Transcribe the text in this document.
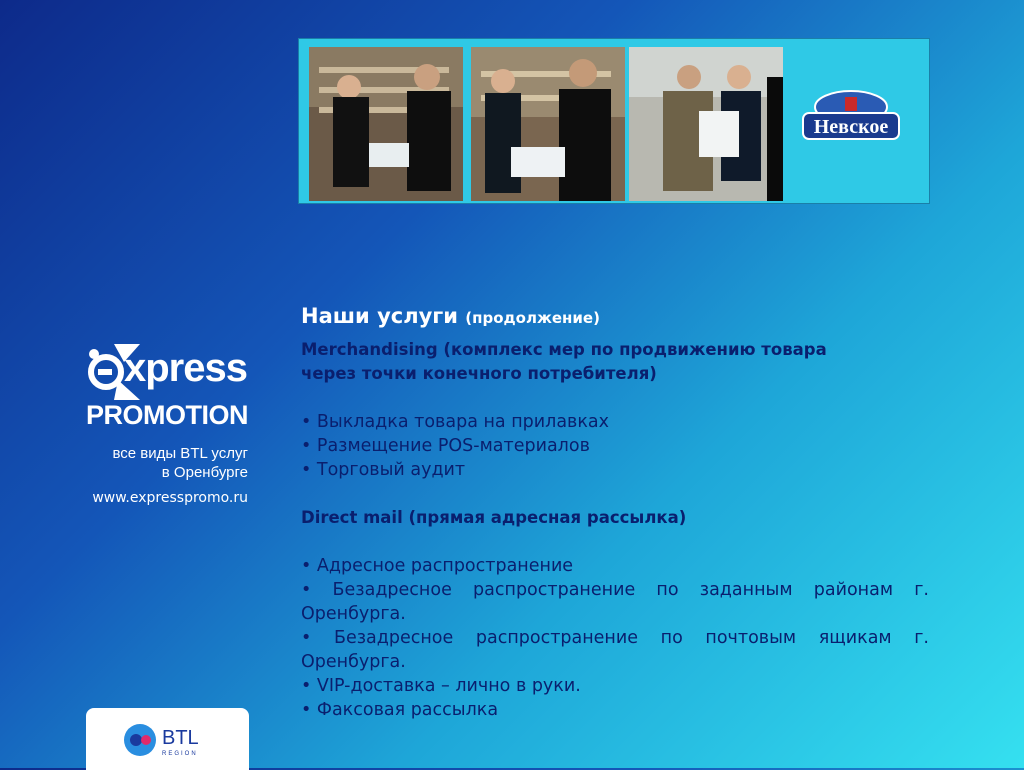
Невское
xpress
PROMOTION
все виды BTL услуг
в Оренбурге
www.expresspromo.ru
BTL
REGION

Наши услуги (продолжение)

Merchandising (комплекс мер по продвижению товара через точки конечного потребителя)

• Выкладка товара на прилавках

• Размещение POS-материалов

• Торговый аудит

Direct mail (прямая адресная рассылка)

• Адресное распространение

• Безадресное распространение по заданным районам г. Оренбурга.

• Безадресное распространение по почтовым ящикам г. Оренбурга.

• VIP-доставка – лично в руки.

• Факсовая рассылка
